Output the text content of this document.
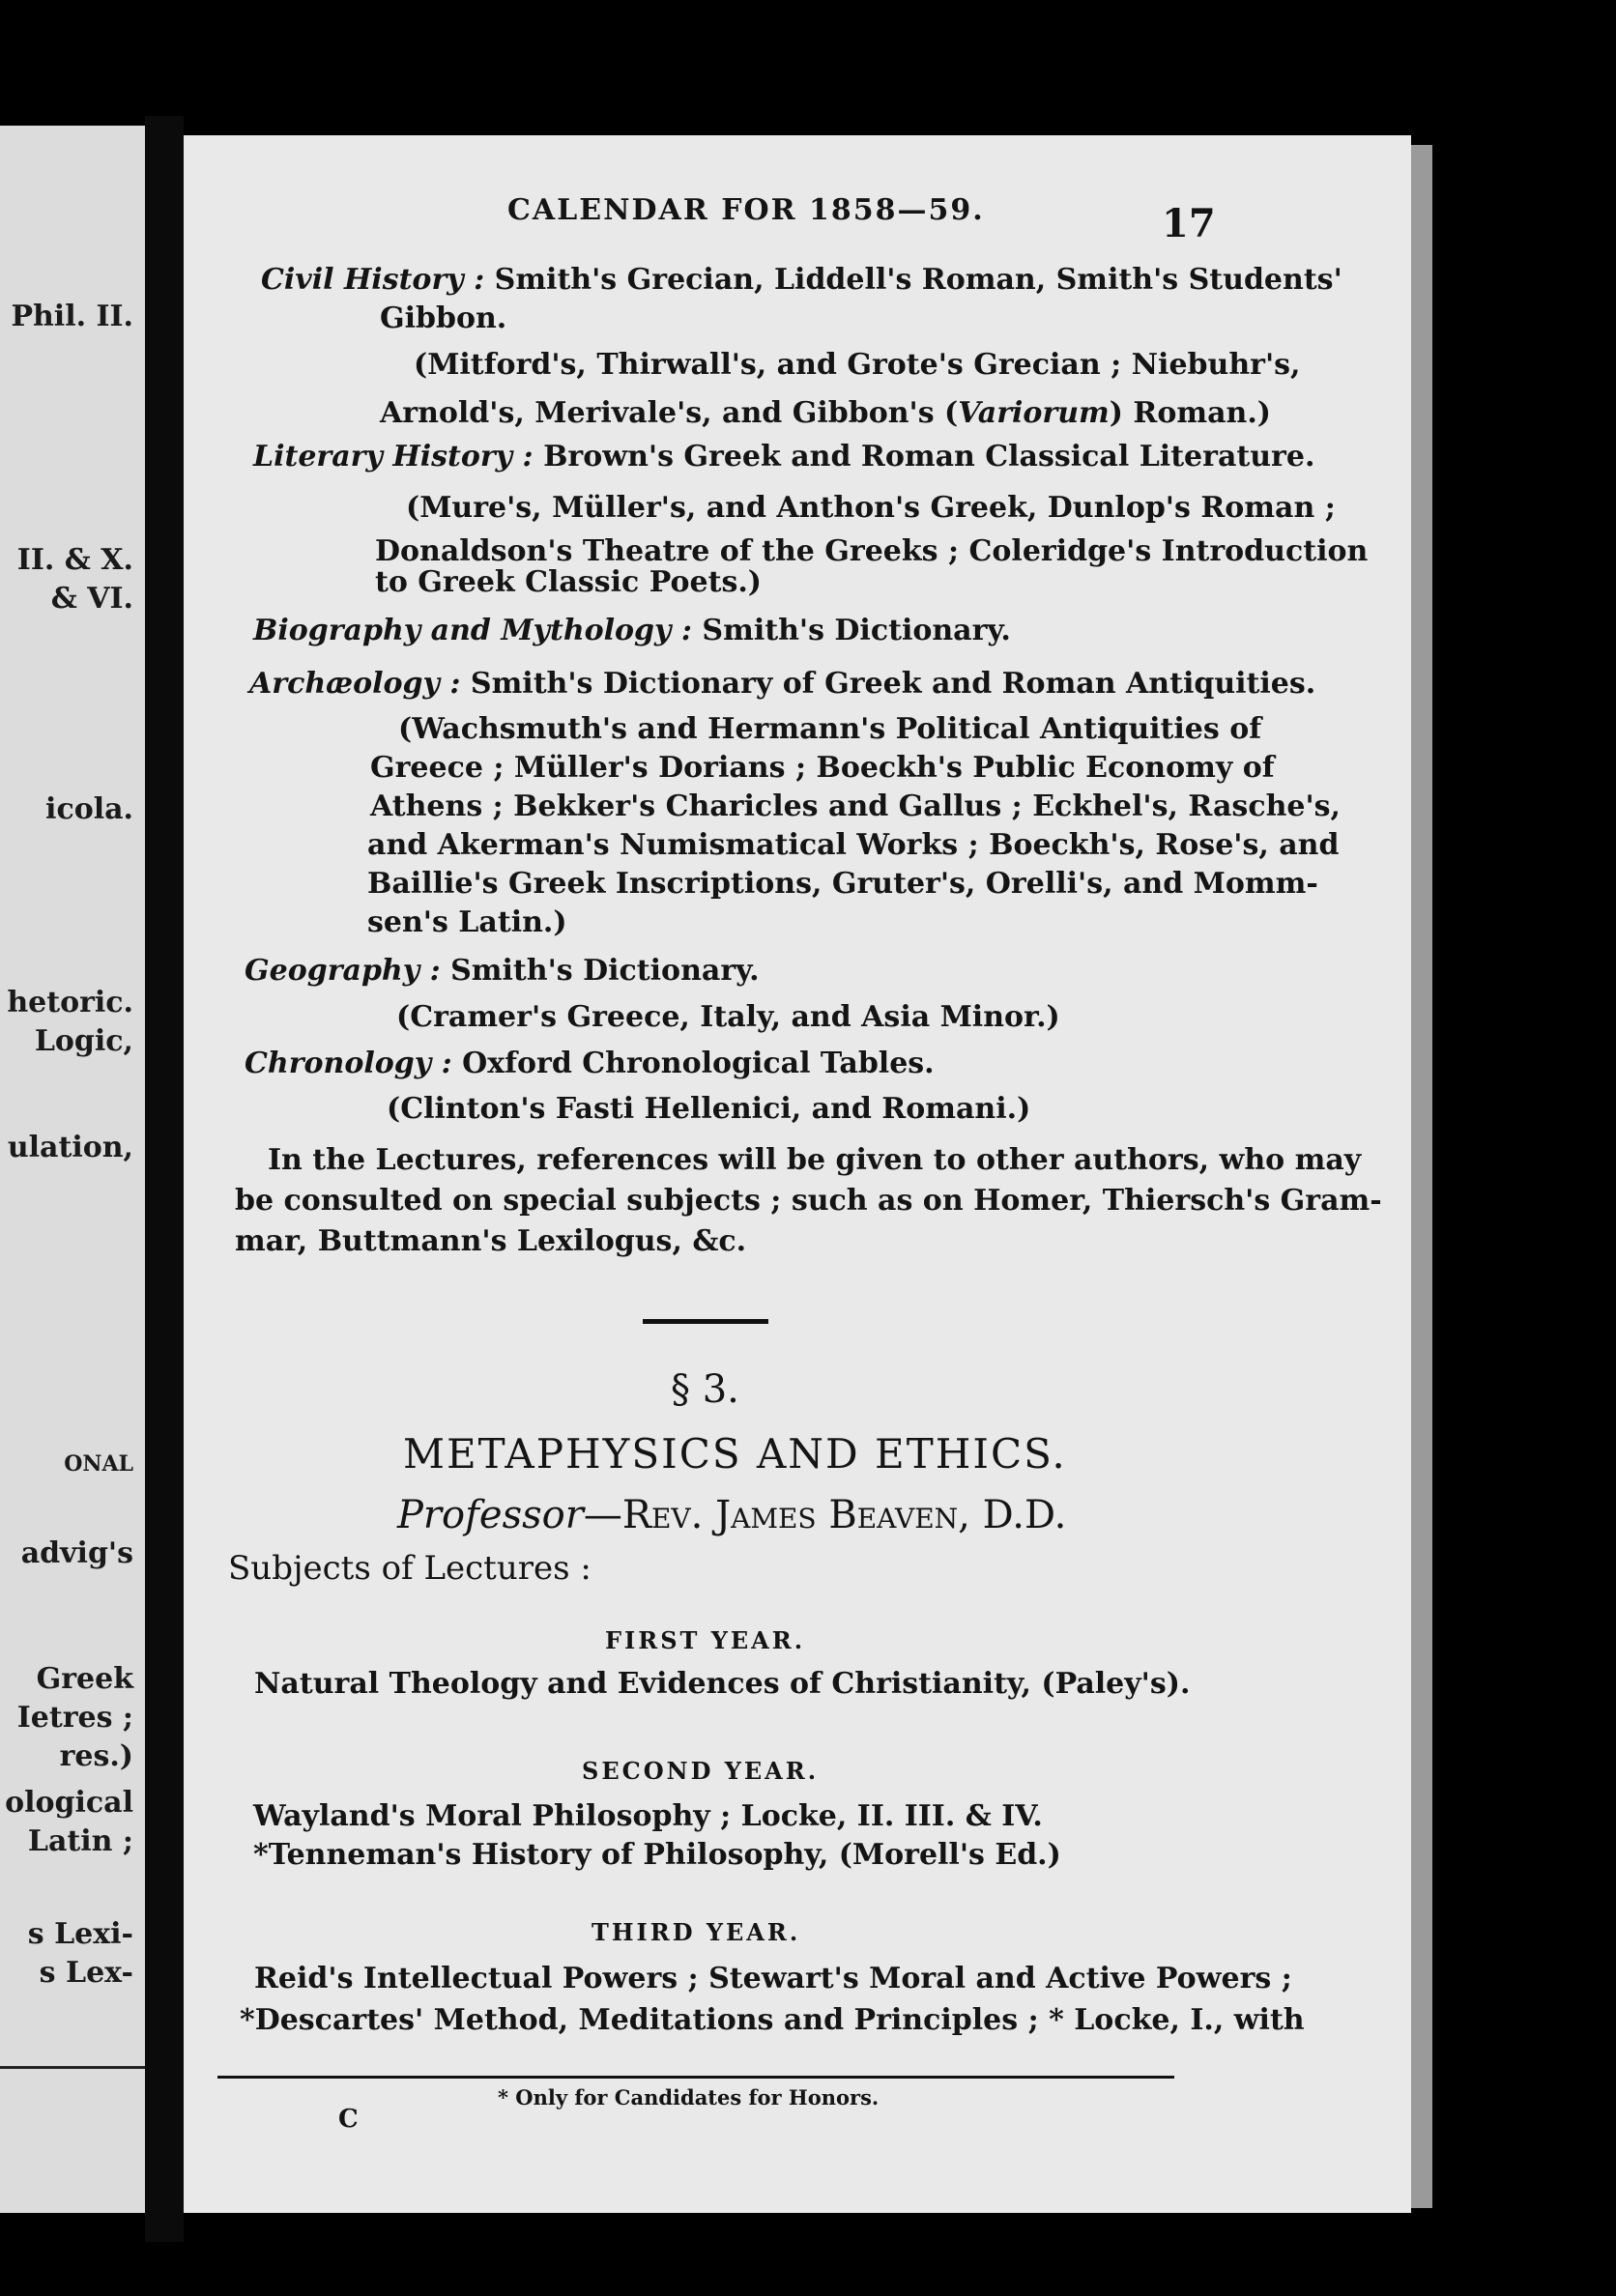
Phil. II.
II. & X.
& VI.
icola.
hetoric.
Logic,
ulation,
ONAL
advig's
Greek
Ietres ;
res.)
ological
Latin ;
s Lexi-
s Lex-
CALENDAR FOR 1858—59.	17
Civil History : Smith's Grecian, Liddell's Roman, Smith's Students'
Gibbon.
(Mitford's, Thirwall's, and Grote's Grecian ; Niebuhr's,
Arnold's, Merivale's, and Gibbon's (Variorum) Roman.)
Literary History : Brown's Greek and Roman Classical Literature.
(Mure's, Müller's, and Anthon's Greek, Dunlop's Roman ;
Donaldson's Theatre of the Greeks ; Coleridge's Introduction
to Greek Classic Poets.)
Biography and Mythology : Smith's Dictionary.
Archæology : Smith's Dictionary of Greek and Roman Antiquities.
(Wachsmuth's and Hermann's Political Antiquities of
Greece ; Müller's Dorians ; Boeckh's Public Economy of
Athens ; Bekker's Charicles and Gallus ; Eckhel's, Rasche's,
and Akerman's Numismatical Works ; Boeckh's, Rose's, and
Baillie's Greek Inscriptions, Gruter's, Orelli's, and Momm-
sen's Latin.)
Geography : Smith's Dictionary.
(Cramer's Greece, Italy, and Asia Minor.)
Chronology : Oxford Chronological Tables.
(Clinton's Fasti Hellenici, and Romani.)
In the Lectures, references will be given to other authors, who may
be consulted on special subjects ; such as on Homer, Thiersch's Gram-
mar, Buttmann's Lexilogus, &c.
§ 3.
METAPHYSICS AND ETHICS.
Professor—Rev. James Beaven, D.D.
Subjects of Lectures :
FIRST YEAR.
Natural Theology and Evidences of Christianity, (Paley's).
SECOND YEAR.
Wayland's Moral Philosophy ; Locke, II. III. & IV.
*Tenneman's History of Philosophy, (Morell's Ed.)
THIRD YEAR.
Reid's Intellectual Powers ; Stewart's Moral and Active Powers ;
*Descartes' Method, Meditations and Principles ; * Locke, I., with
* Only for Candidates for Honors.
C
